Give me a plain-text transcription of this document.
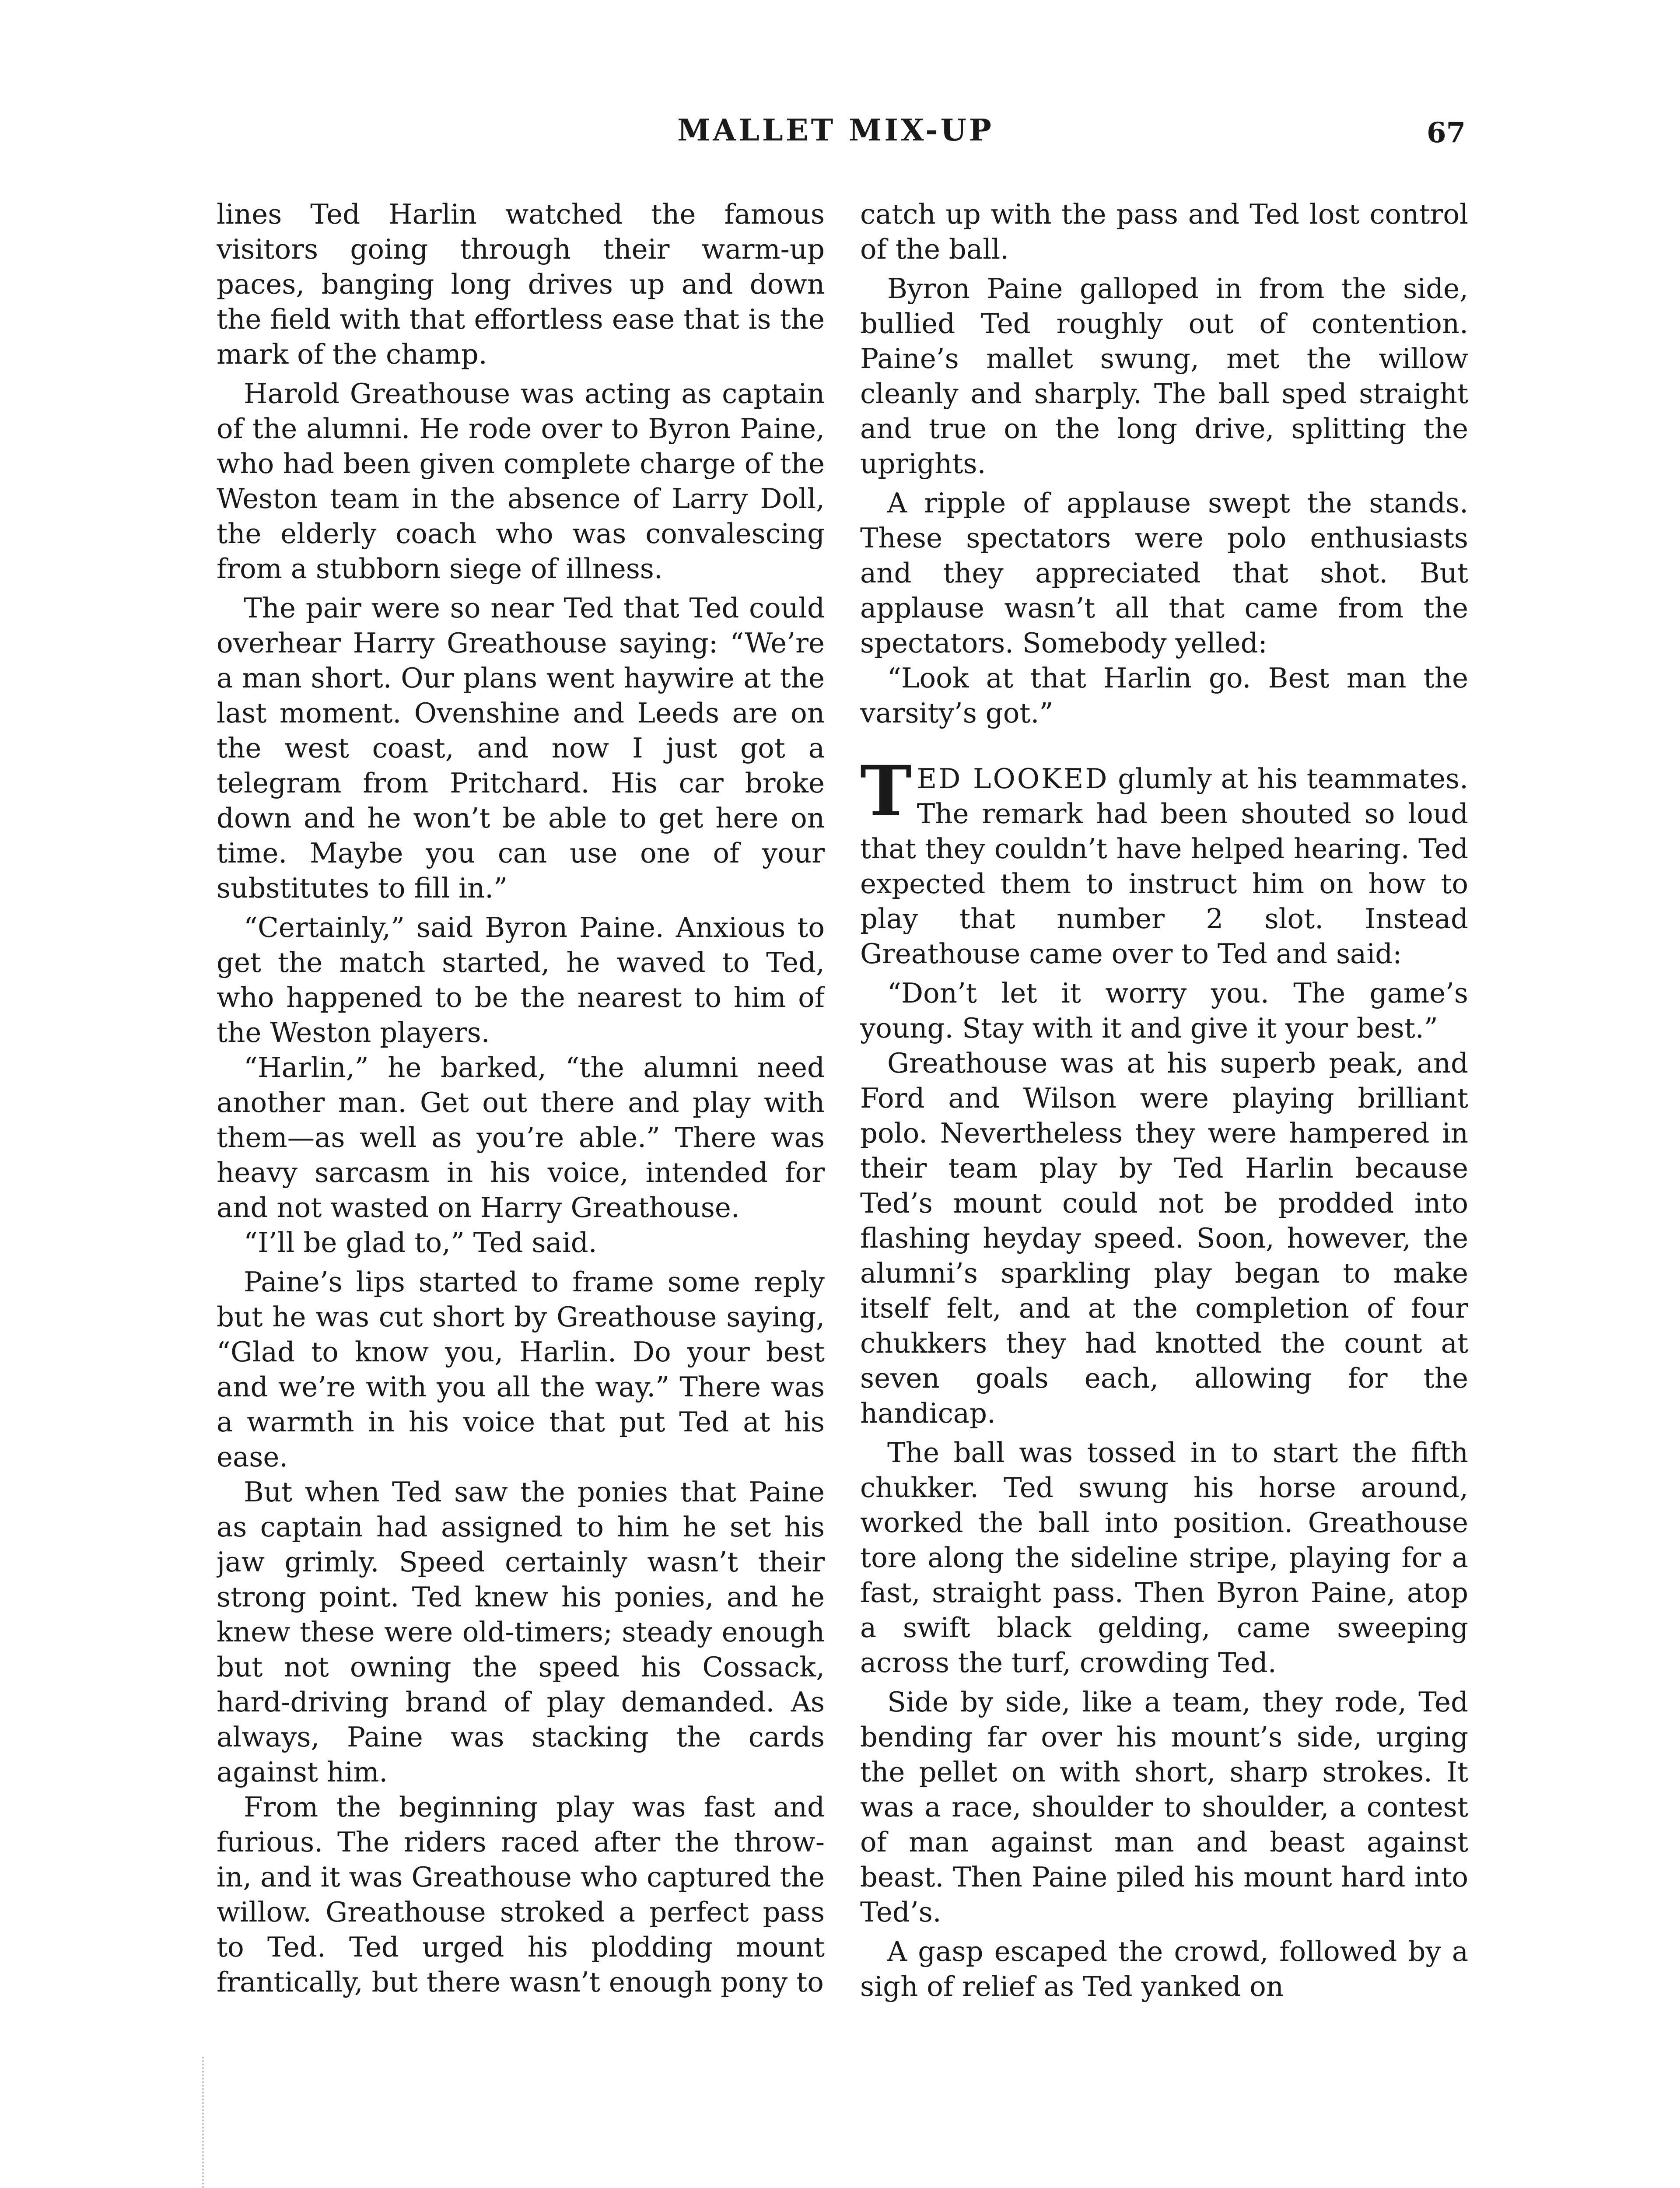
MALLET MIX-UP	67

lines Ted Harlin watched the famous visitors going through their warm-up paces, banging long drives up and down the field with that effortless ease that is the mark of the champ.

Harold Greathouse was acting as captain of the alumni. He rode over to Byron Paine, who had been given complete charge of the Weston team in the absence of Larry Doll, the elderly coach who was convalescing from a stubborn siege of illness.

The pair were so near Ted that Ted could overhear Harry Greathouse saying: “We’re a man short. Our plans went haywire at the last moment. Ovenshine and Leeds are on the west coast, and now I just got a telegram from Pritchard. His car broke down and he won’t be able to get here on time. Maybe you can use one of your substitutes to fill in.”

“Certainly,” said Byron Paine. Anxious to get the match started, he waved to Ted, who happened to be the nearest to him of the Weston players.

“Harlin,” he barked, “the alumni need another man. Get out there and play with them—as well as you’re able.” There was heavy sarcasm in his voice, intended for and not wasted on Harry Greathouse.

“I’ll be glad to,” Ted said.

Paine’s lips started to frame some reply but he was cut short by Greathouse saying, “Glad to know you, Harlin. Do your best and we’re with you all the way.” There was a warmth in his voice that put Ted at his ease.

But when Ted saw the ponies that Paine as captain had assigned to him he set his jaw grimly. Speed certainly wasn’t their strong point. Ted knew his ponies, and he knew these were old-timers; steady enough but not owning the speed his Cossack, hard-driving brand of play demanded. As always, Paine was stacking the cards against him.

From the beginning play was fast and furious. The riders raced after the throw-in, and it was Greathouse who captured the willow. Greathouse stroked a perfect pass to Ted. Ted urged his plodding mount frantically, but there wasn’t enough pony to

catch up with the pass and Ted lost control of the ball.

Byron Paine galloped in from the side, bullied Ted roughly out of contention. Paine’s mallet swung, met the willow cleanly and sharply. The ball sped straight and true on the long drive, splitting the uprights.

A ripple of applause swept the stands. These spectators were polo enthusiasts and they appreciated that shot. But applause wasn’t all that came from the spectators. Somebody yelled:

“Look at that Harlin go. Best man the varsity’s got.”

TED LOOKED glumly at his teammates. The remark had been shouted so loud that they couldn’t have helped hearing. Ted expected them to instruct him on how to play that number 2 slot. Instead Greathouse came over to Ted and said:

“Don’t let it worry you. The game’s young. Stay with it and give it your best.”

Greathouse was at his superb peak, and Ford and Wilson were playing brilliant polo. Nevertheless they were hampered in their team play by Ted Harlin because Ted’s mount could not be prodded into flashing heyday speed. Soon, however, the alumni’s sparkling play began to make itself felt, and at the completion of four chukkers they had knotted the count at seven goals each, allowing for the handicap.

The ball was tossed in to start the fifth chukker. Ted swung his horse around, worked the ball into position. Greathouse tore along the sideline stripe, playing for a fast, straight pass. Then Byron Paine, atop a swift black gelding, came sweeping across the turf, crowding Ted.

Side by side, like a team, they rode, Ted bending far over his mount’s side, urging the pellet on with short, sharp strokes. It was a race, shoulder to shoulder, a contest of man against man and beast against beast. Then Paine piled his mount hard into Ted’s.

A gasp escaped the crowd, followed by a sigh of relief as Ted yanked on
